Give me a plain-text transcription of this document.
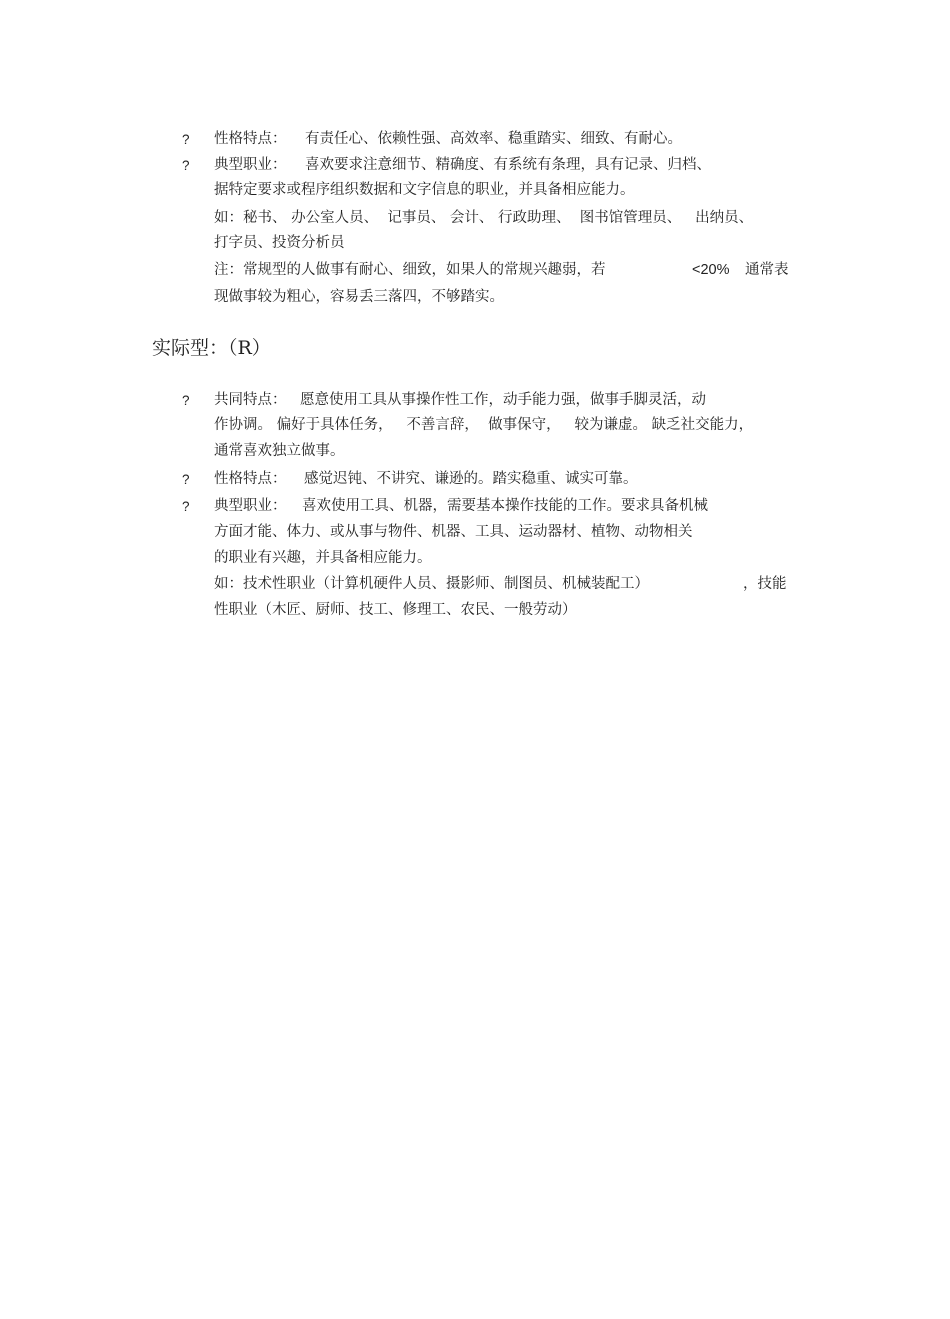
? 性格特点： 有责任心、依赖性强、高效率、稳重踏实、细致、有耐心。
? 典型职业： 喜欢要求注意细节、精确度、有系统有条理，具有记录、归档、
据特定要求或程序组织数据和文字信息的职业，并具备相应能力。
如：秘书、 办公室人员、  记事员、 会计、 行政助理、  图书馆管理员、   出纳员、
打字员、投资分析员
注：常规型的人做事有耐心、细致，如果人的常规兴趣弱，若	<20% 通常表
现做事较为粗心，容易丢三落四，不够踏实。
实际型：（R）
? 共同特点： 愿意使用工具从事操作性工作，动手能力强，做事手脚灵活，动
作协调。 偏好于具体任务，   不善言辞，  做事保守，   较为谦虚。 缺乏社交能力，
通常喜欢独立做事。
? 性格特点： 感觉迟钝、不讲究、谦逊的。踏实稳重、诚实可靠。
? 典型职业： 喜欢使用工具、机器，需要基本操作技能的工作。要求具备机械
方面才能、体力、或从事与物件、机器、工具、运动器材、植物、动物相关
的职业有兴趣，并具备相应能力。
如：技术性职业（计算机硬件人员、摄影师、制图员、机械装配工）	，技能
性职业（木匠、厨师、技工、修理工、农民、一般劳动）
